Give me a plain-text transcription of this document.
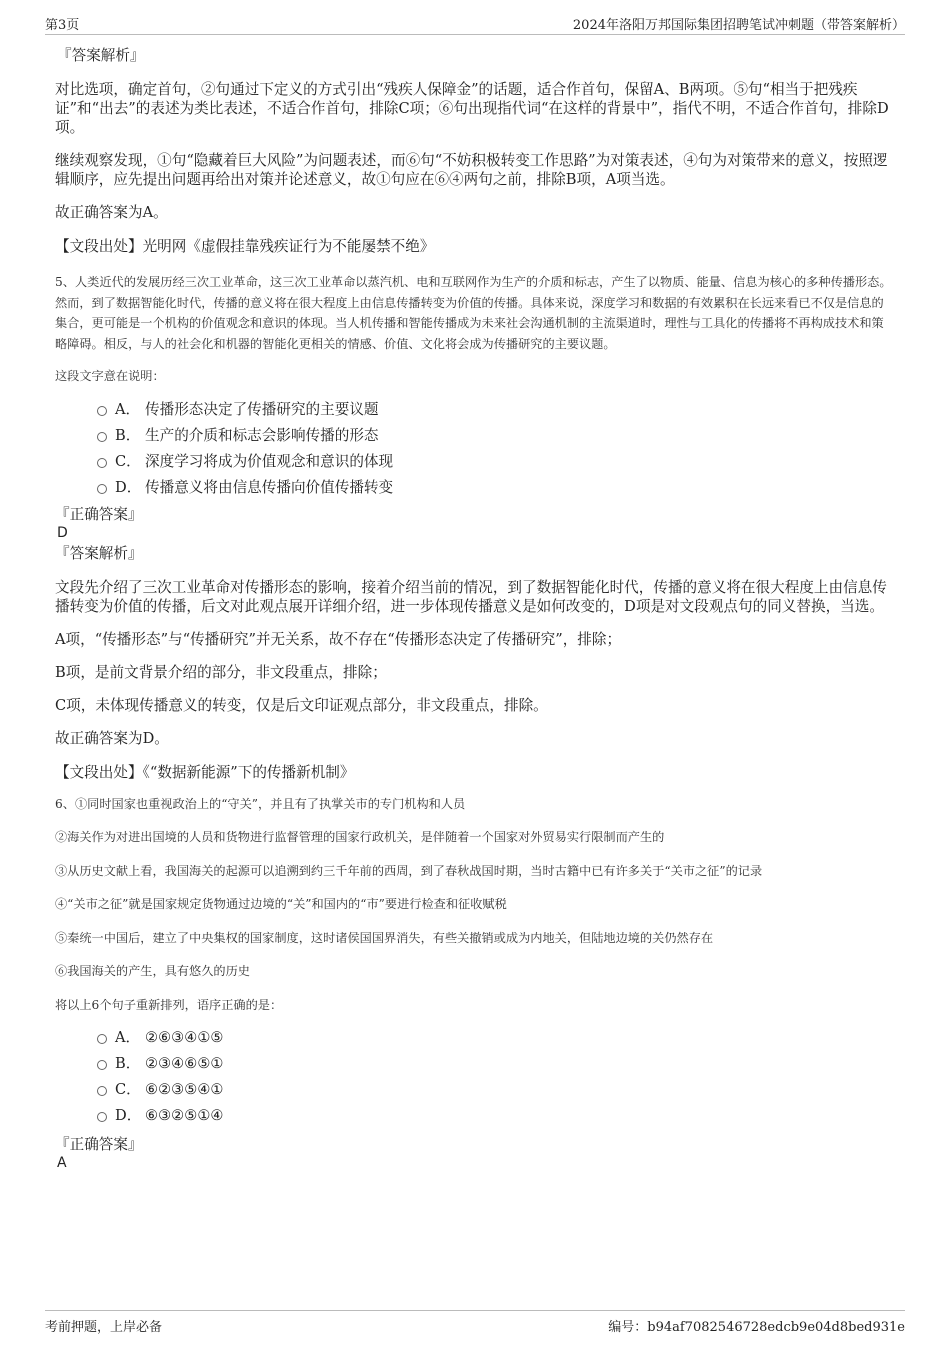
第3页	2024年洛阳万邦国际集团招聘笔试冲刺题（带答案解析）
『答案解析』
对比选项，确定首句，②句通过下定义的方式引出“残疾人保障金”的话题，适合作首句，保留A、B两项。⑤句“相当于把残疾证”和“出去”的表述为类比表述，不适合作首句，排除C项；⑥句出现指代词“在这样的背景中”，指代不明，不适合作首句，排除D项。
继续观察发现，①句“隐藏着巨大风险”为问题表述，而⑥句“不妨积极转变工作思路”为对策表述，④句为对策带来的意义，按照逻辑顺序，应先提出问题再给出对策并论述意义，故①句应在⑥④两句之前，排除B项，A项当选。
故正确答案为A。
【文段出处】光明网《虚假挂靠残疾证行为不能屡禁不绝》
5、人类近代的发展历经三次工业革命，这三次工业革命以蒸汽机、电和互联网作为生产的介质和标志，产生了以物质、能量、信息为核心的多种传播形态。然而，到了数据智能化时代，传播的意义将在很大程度上由信息传播转变为价值的传播。具体来说，深度学习和数据的有效累积在长远来看已不仅是信息的集合，更可能是一个机构的价值观念和意识的体现。当人机传播和智能传播成为未来社会沟通机制的主流渠道时，理性与工具化的传播将不再构成技术和策略障碍。相反，与人的社会化和机器的智能化更相关的情感、价值、文化将会成为传播研究的主要议题。
这段文字意在说明：
A． 传播形态决定了传播研究的主要议题
B． 生产的介质和标志会影响传播的形态
C． 深度学习将成为价值观念和意识的体现
D． 传播意义将由信息传播向价值传播转变
『正确答案』
D
『答案解析』
文段先介绍了三次工业革命对传播形态的影响，接着介绍当前的情况，到了数据智能化时代，传播的意义将在很大程度上由信息传播转变为价值的传播，后文对此观点展开详细介绍，进一步体现传播意义是如何改变的，D项是对文段观点句的同义替换，当选。
A项，“传播形态”与“传播研究”并无关系，故不存在“传播形态决定了传播研究”，排除；
B项，是前文背景介绍的部分，非文段重点，排除；
C项，未体现传播意义的转变，仅是后文印证观点部分，非文段重点，排除。
故正确答案为D。
【文段出处】《“数据新能源”下的传播新机制》
6、①同时国家也重视政治上的“守关”，并且有了执掌关市的专门机构和人员
②海关作为对进出国境的人员和货物进行监督管理的国家行政机关，是伴随着一个国家对外贸易实行限制而产生的
③从历史文献上看，我国海关的起源可以追溯到约三千年前的西周，到了春秋战国时期，当时古籍中已有许多关于“关市之征”的记录
④“关市之征”就是国家规定货物通过边境的“关”和国内的“市”要进行检查和征收赋税
⑤秦统一中国后，建立了中央集权的国家制度，这时诸侯国国界消失，有些关撤销或成为内地关，但陆地边境的关仍然存在
⑥我国海关的产生，具有悠久的历史
将以上6个句子重新排列，语序正确的是：
A． ②⑥③④①⑤
B． ②③④⑥⑤①
C． ⑥②③⑤④①
D． ⑥③②⑤①④
『正确答案』
A
考前押题，上岸必备	编号：b94af7082546728edcb9e04d8bed931e
